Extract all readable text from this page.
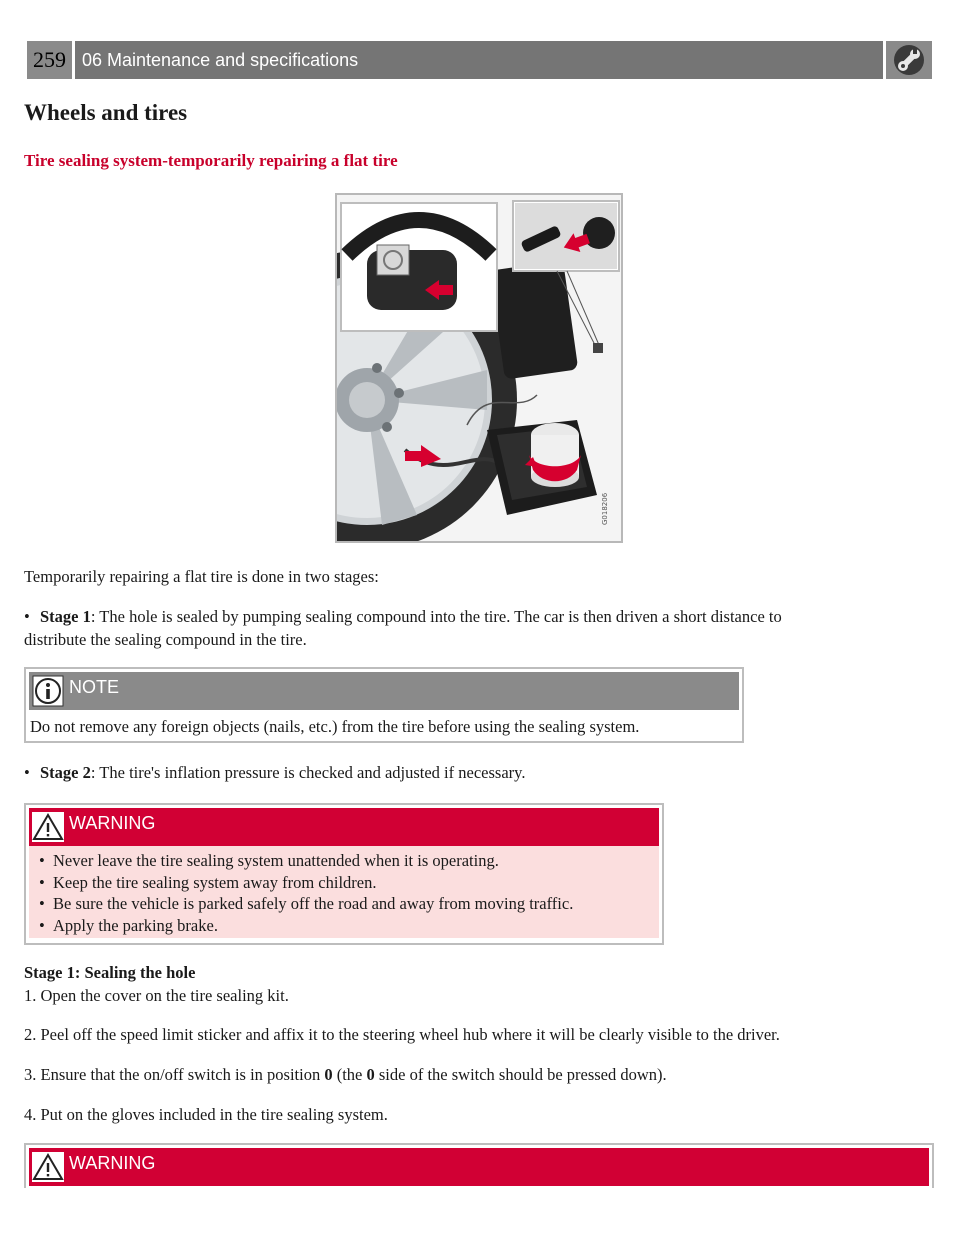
259 06 Maintenance and specifications
Wheels and tires
Tire sealing system-temporarily repairing a flat tire
G018206

Temporarily repairing a flat tire is done in two stages:

• Stage 1: The hole is sealed by pumping sealing compound into the tire. The car is then driven a short distance to

distribute the sealing compound in the tire.

NOTE
Do not remove any foreign objects (nails, etc.) from the tire before using the sealing system.
• Stage 2: The tire's inflation pressure is checked and adjusted if necessary.
WARNING
• Never leave the tire sealing system unattended when it is operating.
• Keep the tire sealing system away from children.
• Be sure the vehicle is parked safely off the road and away from moving traffic.
• Apply the parking brake.

Stage 1: Sealing the hole

1. Open the cover on the tire sealing kit.

2. Peel off the speed limit sticker and affix it to the steering wheel hub where it will be clearly visible to the driver.

3. Ensure that the on/off switch is in position 0 (the 0 side of the switch should be pressed down).

4. Put on the gloves included in the tire sealing system.

WARNING
